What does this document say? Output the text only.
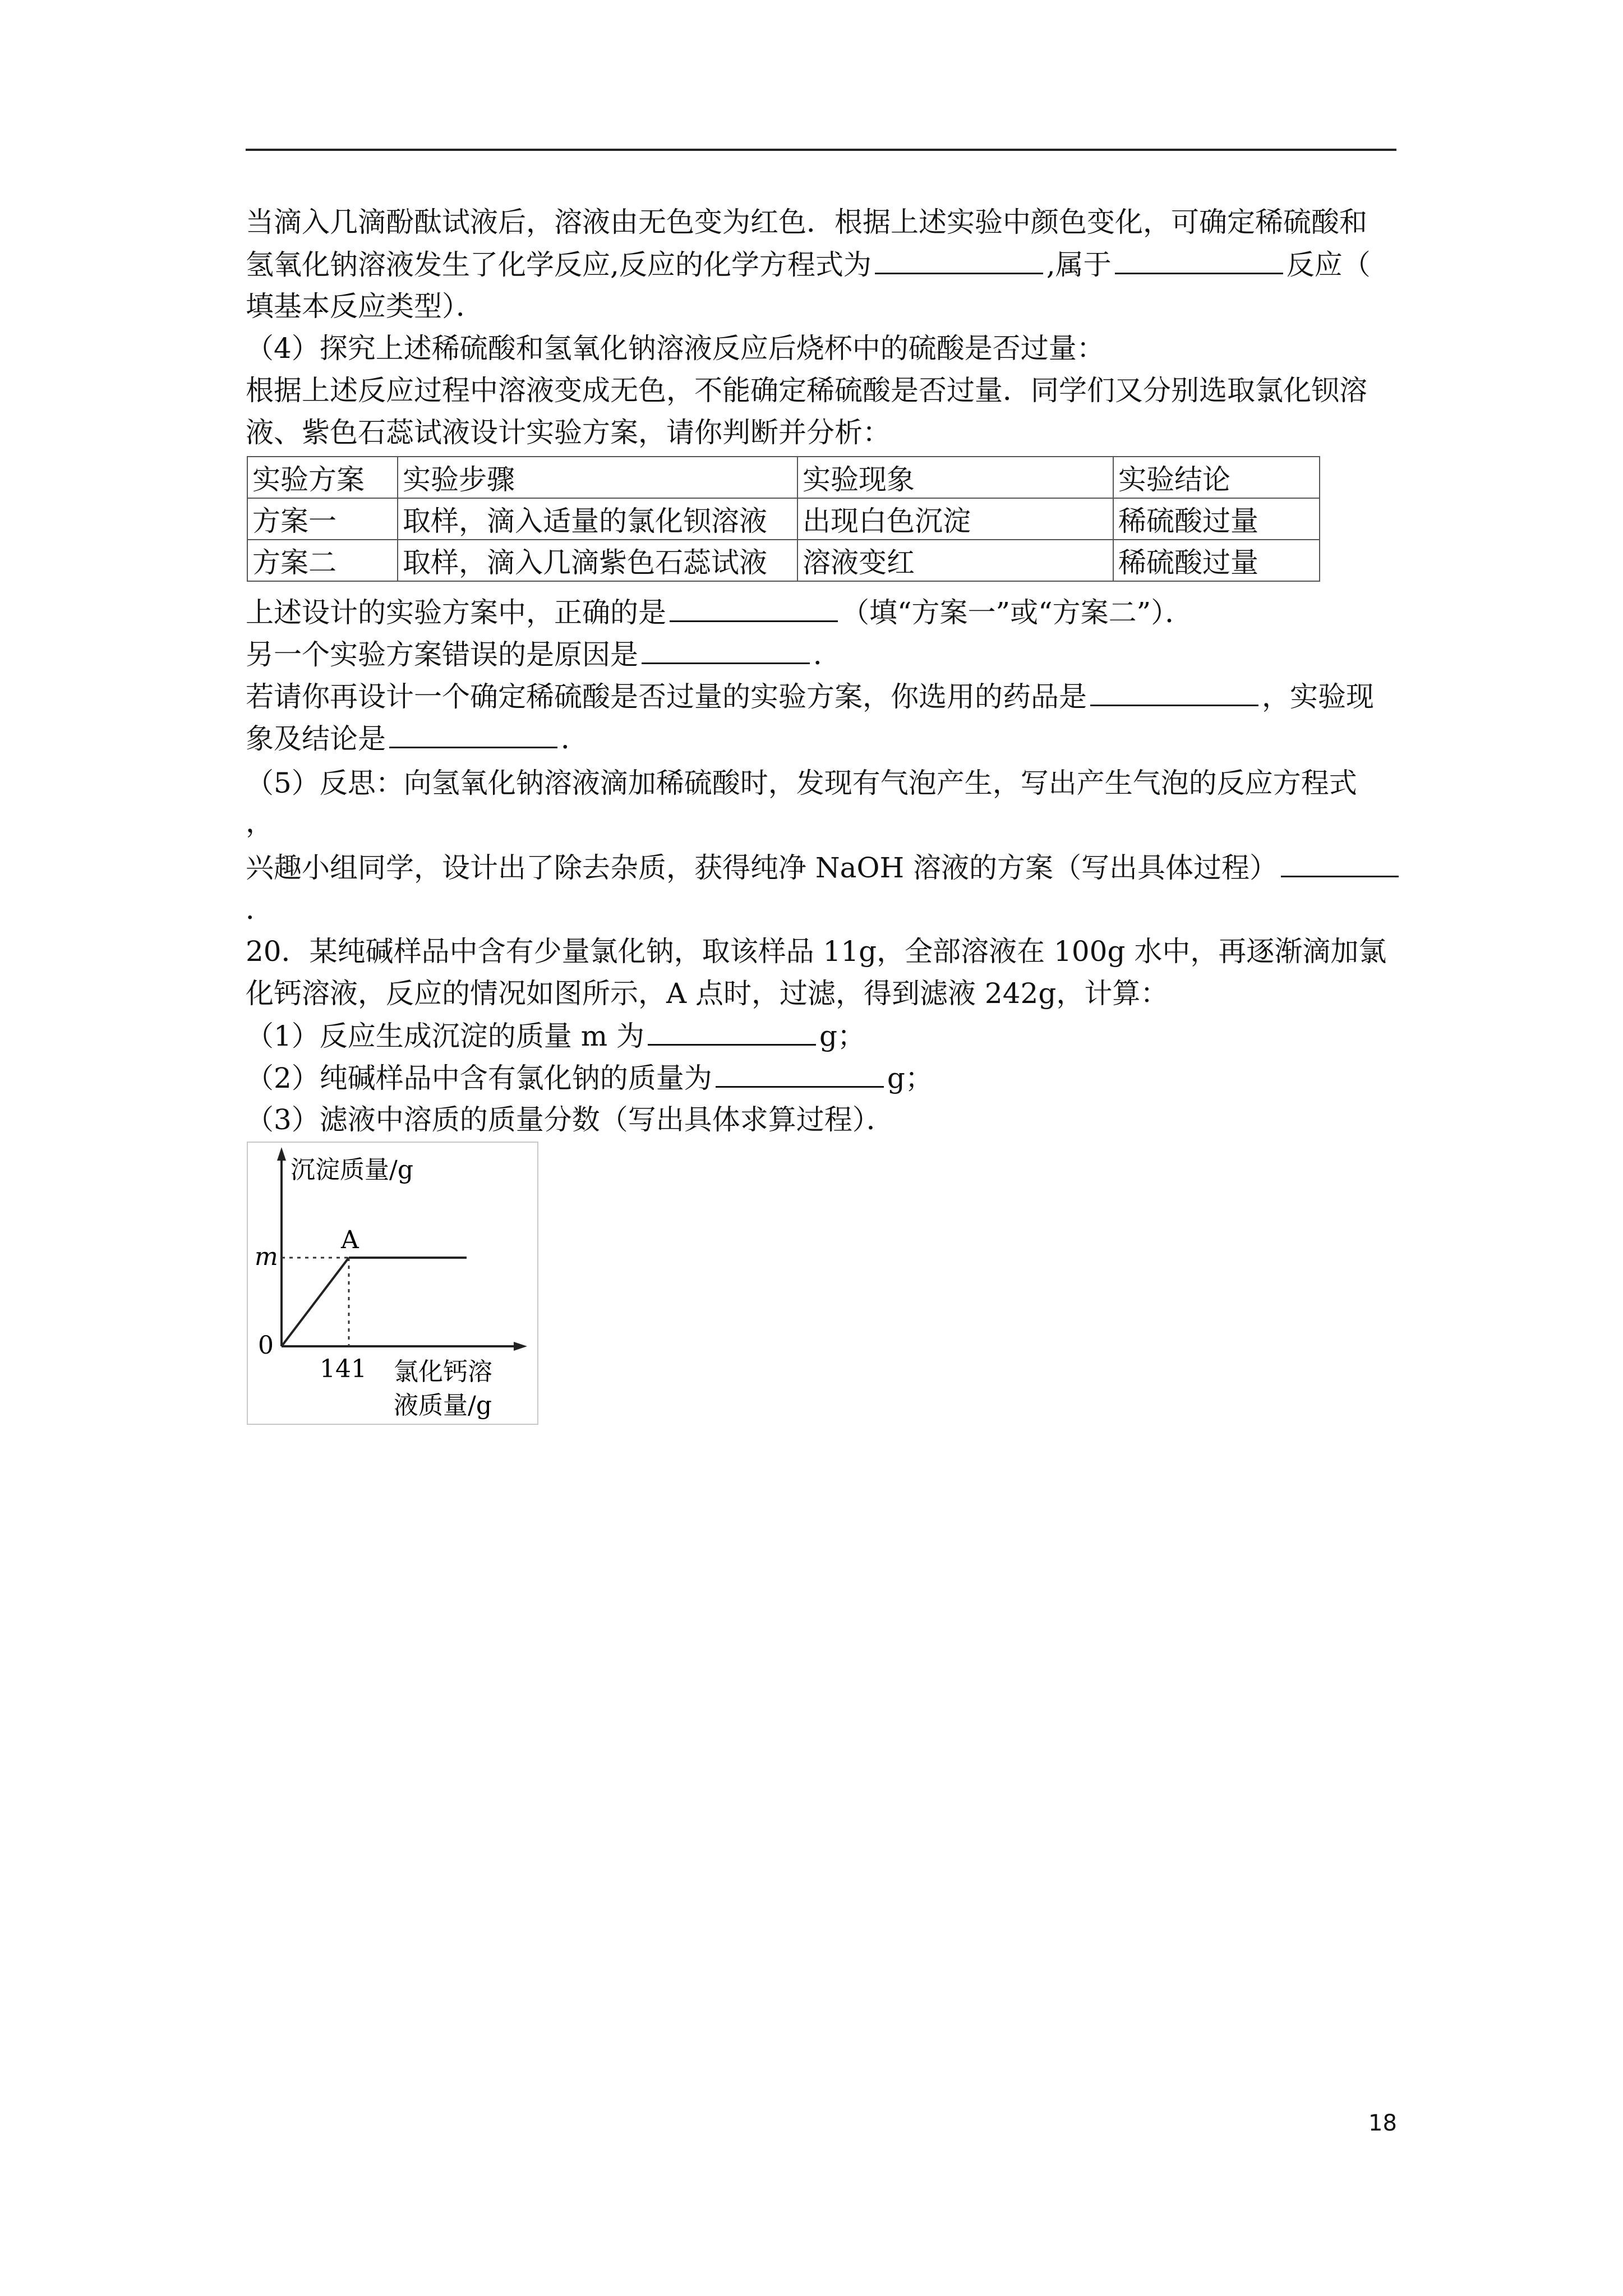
当滴入几滴酚酞试液后，溶液由无色变为红色．根据上述实验中颜色变化，可确定稀硫酸和
氢氧化钠溶液发生了化学反应,反应的化学方程式为	,属于	反应（
填基本反应类型）．
（4）探究上述稀硫酸和氢氧化钠溶液反应后烧杯中的硫酸是否过量：
根据上述反应过程中溶液变成无色，不能确定稀硫酸是否过量．同学们又分别选取氯化钡溶
液、紫色石蕊试液设计实验方案，请你判断并分析：
实验方案	实验步骤	实验现象	实验结论
方案一	取样，滴入适量的氯化钡溶液	出现白色沉淀	稀硫酸过量
方案二	取样，滴入几滴紫色石蕊试液	溶液变红	稀硫酸过量
上述设计的实验方案中，正确的是	（填“方案一”或“方案二”）．
另一个实验方案错误的是原因是	．
若请你再设计一个确定稀硫酸是否过量的实验方案，你选用的药品是	，实验现
象及结论是	．
（5）反思：向氢氧化钠溶液滴加稀硫酸时，发现有气泡产生，写出产生气泡的反应方程式
，
兴趣小组同学，设计出了除去杂质，获得纯净 NaOH 溶液的方案（写出具体过程）
．
20．某纯碱样品中含有少量氯化钠，取该样品 11g，全部溶液在 100g 水中，再逐渐滴加氯
化钙溶液，反应的情况如图所示，A 点时，过滤，得到滤液 242g，计算：
（1）反应生成沉淀的质量 m 为	g；
（2）纯碱样品中含有氯化钠的质量为	g；
（3）滤液中溶质的质量分数（写出具体求算过程）．
沉淀质量/g
A
m
0
141 氯化钙溶
液质量/g
18
